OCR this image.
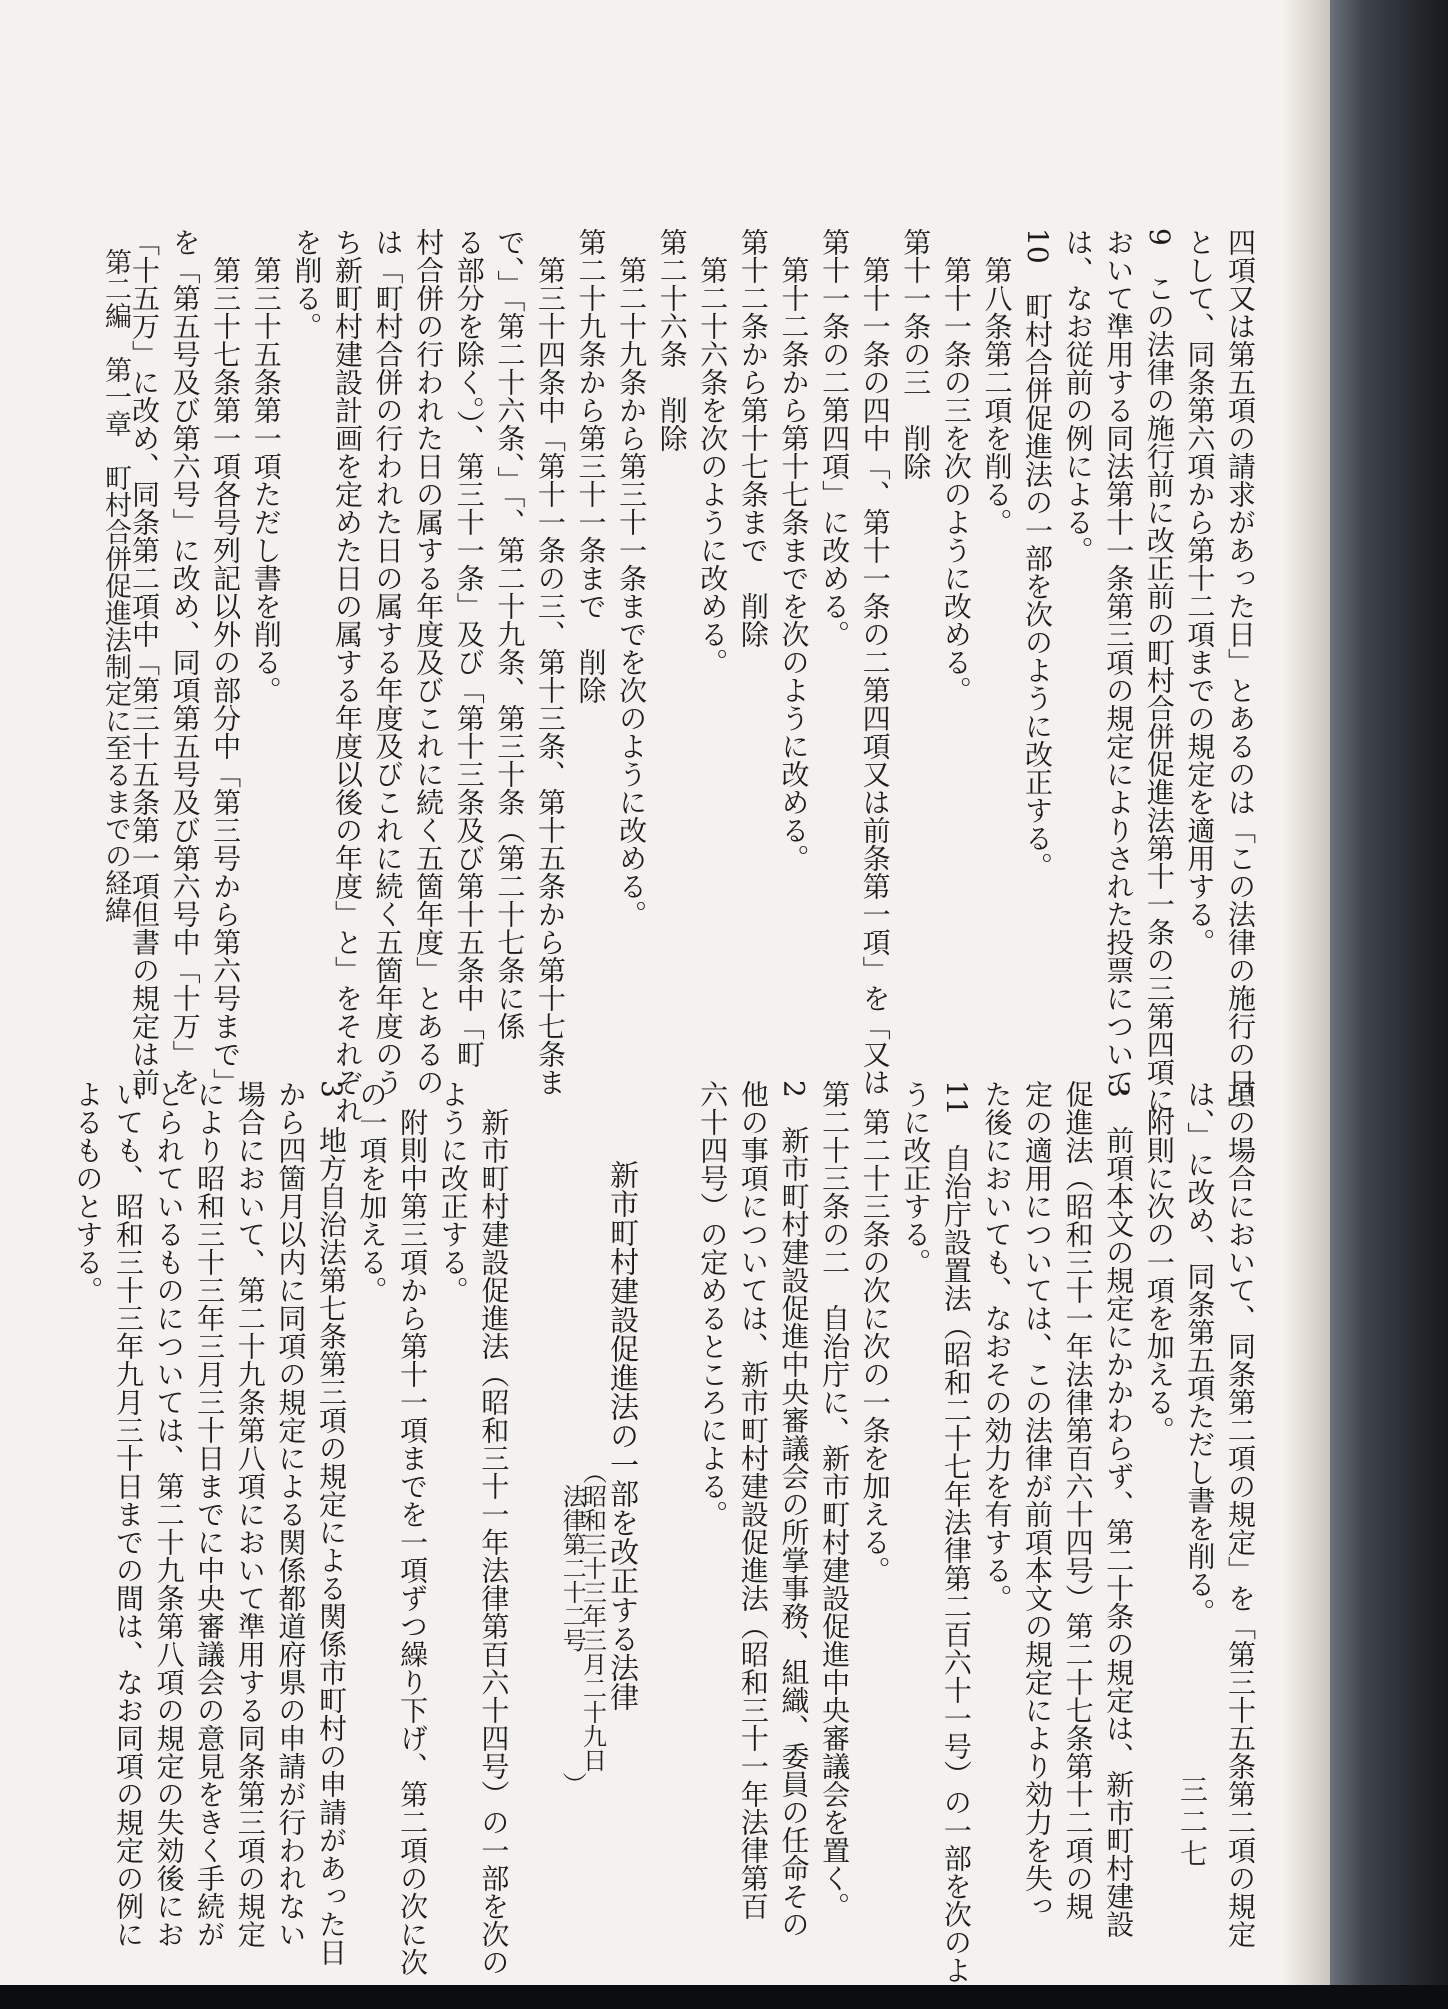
四項又は第五項の請求があった日」とあるのは「この法律の施行の日」
として、同条第六項から第十二項までの規定を適用する。
9　この法律の施行前に改正前の町村合併促進法第十一条の三第四項に
おいて準用する同法第十一条第三項の規定によりされた投票について
は、なお従前の例による。
10　町村合併促進法の一部を次のように改正する。
　第八条第二項を削る。
　第十一条の三を次のように改める。
第十一条の三　削除
　第十一条の四中「、第十一条の二第四項又は前条第一項」を「又は
第十一条の二第四項」に改める。
　第十二条から第十七条までを次のように改める。
第十二条から第十七条まで　削除
　第二十六条を次のように改める。
第二十六条　削除
　第二十九条から第三十一条までを次のように改める。
第二十九条から第三十一条まで　削除
　第三十四条中「第十一条の三、第十三条、第十五条から第十七条ま
で、」「第二十六条、」「、第二十九条、第三十条（第二十七条に係
る部分を除く。）、第三十一条」及び「第十三条及び第十五条中「町
村合併の行われた日の属する年度及びこれに続く五箇年度」とあるの
は「町村合併の行われた日の属する年度及びこれに続く五箇年度のう
ち新町村建設計画を定めた日の属する年度以後の年度」と」をそれぞれ
を削る。
　第三十五条第一項ただし書を削る。
　第三十七条第一項各号列記以外の部分中「第三号から第六号まで」
を「第五号及び第六号」に改め、同項第五号及び第六号中「十万」を
「十五万」に改め、同条第二項中「第三十五条第一項但書の規定は前
項の場合において、同条第二項の規定」を「第三十五条第二項の規定
は、」に改め、同条第五項ただし書を削る。
　附則に次の一項を加える。
3　前項本文の規定にかかわらず、第二十条の規定は、新市町村建設
促進法（昭和三十一年法律第百六十四号）第二十七条第十二項の規
定の適用については、この法律が前項本文の規定により効力を失っ
た後においても、なおその効力を有する。
11　自治庁設置法（昭和二十七年法律第二百六十一号）の一部を次のよ
うに改正する。
　第二十三条の次に次の一条を加える。
第二十三条の二　自治庁に、新市町村建設促進中央審議会を置く。
2　新市町村建設促進中央審議会の所掌事務、組織、委員の任命その
他の事項については、新市町村建設促進法（昭和三十一年法律第百
六十四号）の定めるところによる。

新市町村建設促進法の一部を改正する法律
（昭和三十三年三月二十九日
　法律第二十二号　　　　　）

　新市町村建設促進法（昭和三十一年法律第百六十四号）の一部を次の
ように改正する。
　附則中第三項から第十一項までを一項ずつ繰り下げ、第二項の次に次
の一項を加える。
3　地方自治法第七条第三項の規定による関係市町村の申請があった日
から四箇月以内に同項の規定による関係都道府県の申請が行われない
場合において、第二十九条第八項において準用する同条第三項の規定
により昭和三十三年三月三十日までに中央審議会の意見をきく手続が
とられているものについては、第二十九条第八項の規定の失効後にお
いても、昭和三十三年九月三十日までの間は、なお同項の規定の例に
よるものとする。
第二編　第一章　町村合併促進法制定に至るまでの経緯
三二七
